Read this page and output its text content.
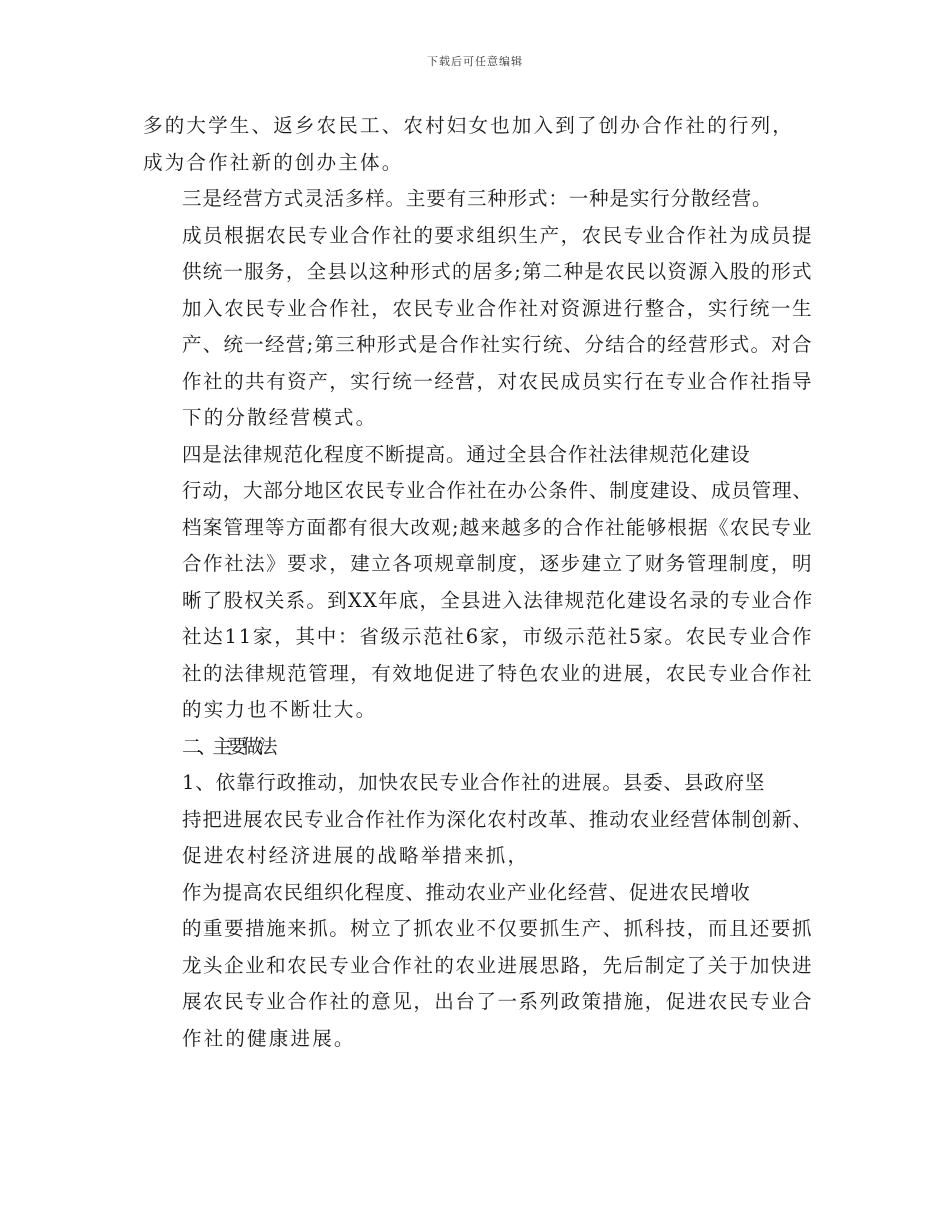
下载后可任意编辑

多的大学生、返乡农民工、农村妇女也加入到了创办合作社的行列，
成为合作社新的创办主体。

三是经营方式灵活多样。主要有三种形式：一种是实行分散经营。
成员根据农民专业合作社的要求组织生产，农民专业合作社为成员提
供统一服务，全县以这种形式的居多;第二种是农民以资源入股的形式
加入农民专业合作社，农民专业合作社对资源进行整合，实行统一生
产、统一经营;第三种形式是合作社实行统、分结合的经营形式。对合
作社的共有资产，实行统一经营，对农民成员实行在专业合作社指导
下的分散经营模式。

四是法律规范化程度不断提高。通过全县合作社法律规范化建设
行动，大部分地区农民专业合作社在办公条件、制度建设、成员管理、
档案管理等方面都有很大改观;越来越多的合作社能够根据《农民专业
合作社法》要求，建立各项规章制度，逐步建立了财务管理制度，明
晰了股权关系。到XX年底，全县进入法律规范化建设名录的专业合作
社达11家，其中：省级示范社6家，市级示范社5家。农民专业合作
社的法律规范管理，有效地促进了特色农业的进展，农民专业合作社
的实力也不断壮大。

二、主要做法

1、依靠行政推动，加快农民专业合作社的进展。县委、县政府坚
持把进展农民专业合作社作为深化农村改革、推动农业经营体制创新、
促进农村经济进展的战略举措来抓，

作为提高农民组织化程度、推动农业产业化经营、促进农民增收
的重要措施来抓。树立了抓农业不仅要抓生产、抓科技，而且还要抓
龙头企业和农民专业合作社的农业进展思路，先后制定了关于加快进
展农民专业合作社的意见，出台了一系列政策措施，促进农民专业合
作社的健康进展。
